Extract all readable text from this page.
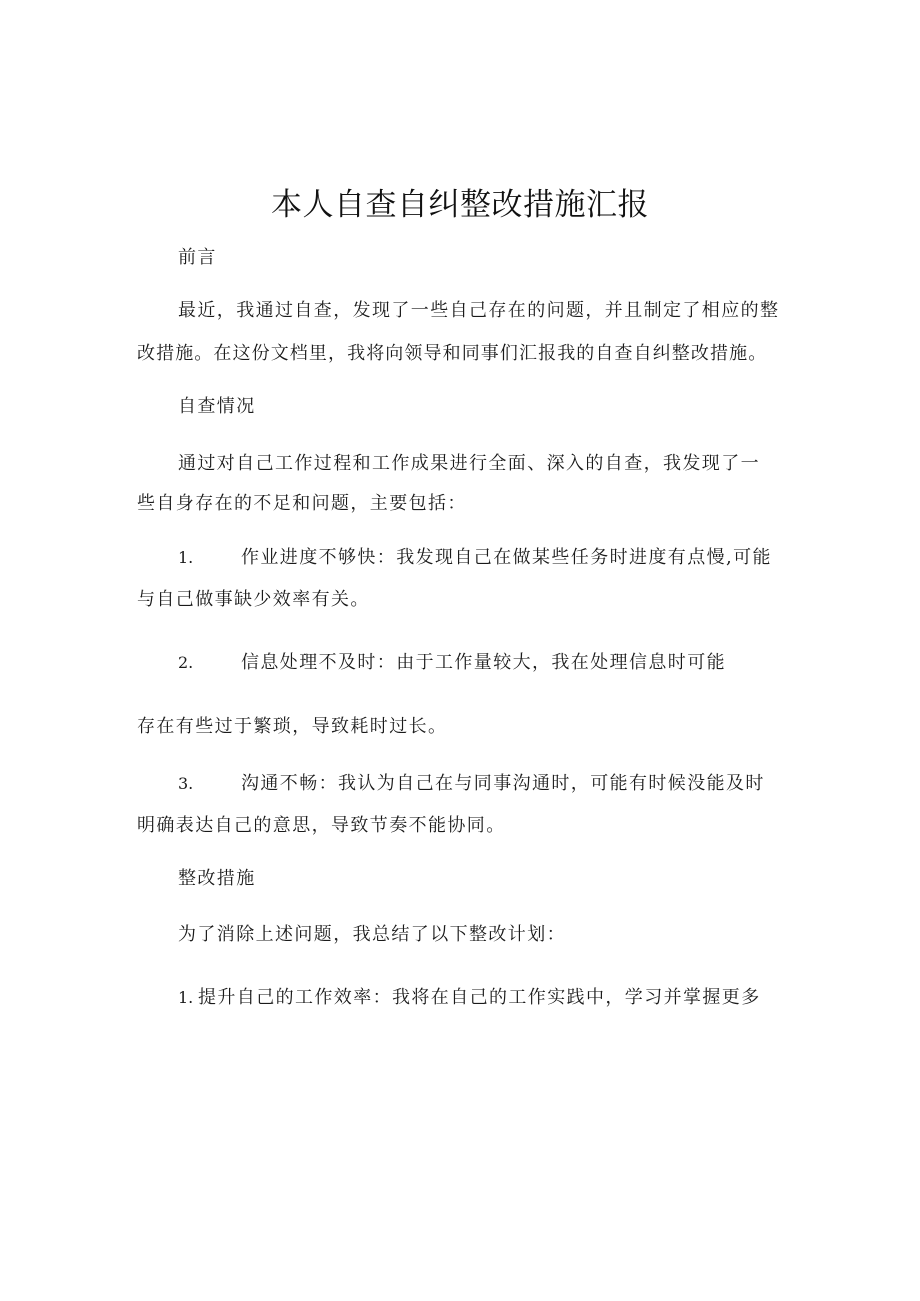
本人自查自纠整改措施汇报
前言
最近，我通过自查，发现了一些自己存在的问题，并且制定了相应的整
改措施。在这份文档里，我将向领导和同事们汇报我的自查自纠整改措施。
自查情况
通过对自己工作过程和工作成果进行全面、深入的自查，我发现了一
些自身存在的不足和问题，主要包括：
1.	作业进度不够快：我发现自己在做某些任务时进度有点慢,可能
与自己做事缺少效率有关。
2.	信息处理不及时：由于工作量较大，我在处理信息时可能
存在有些过于繁琐，导致耗时过长。
3.	沟通不畅：我认为自己在与同事沟通时，可能有时候没能及时
明确表达自己的意思，导致节奏不能协同。
整改措施
为了消除上述问题，我总结了以下整改计划：
1. 提升自己的工作效率：我将在自己的工作实践中，学习并掌握更多
